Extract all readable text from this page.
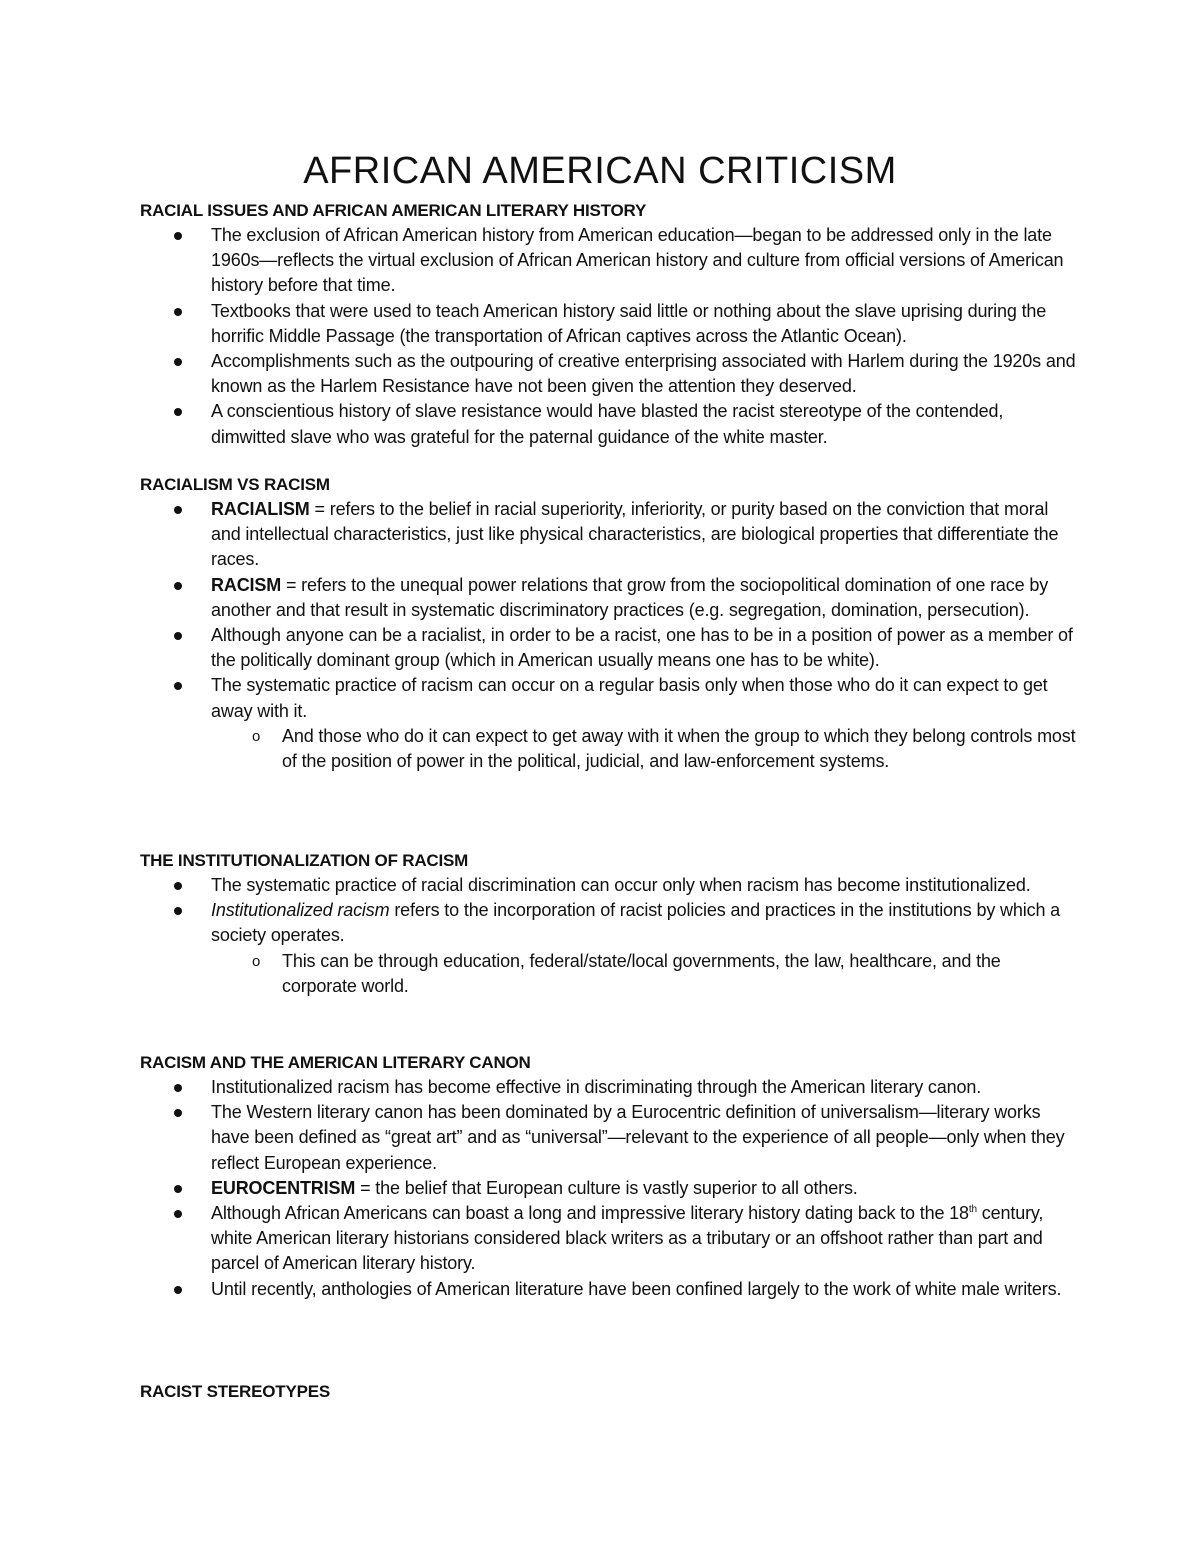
AFRICAN AMERICAN CRITICISM
RACIAL ISSUES AND AFRICAN AMERICAN LITERARY HISTORY
The exclusion of African American history from American education—began to be addressed only in the late 1960s—reflects the virtual exclusion of African American history and culture from official versions of American history before that time.
Textbooks that were used to teach American history said little or nothing about the slave uprising during the horrific Middle Passage (the transportation of African captives across the Atlantic Ocean).
Accomplishments such as the outpouring of creative enterprising associated with Harlem during the 1920s and known as the Harlem Resistance have not been given the attention they deserved.
A conscientious history of slave resistance would have blasted the racist stereotype of the contended, dimwitted slave who was grateful for the paternal guidance of the white master.
RACIALISM VS RACISM
RACIALISM = refers to the belief in racial superiority, inferiority, or purity based on the conviction that moral and intellectual characteristics, just like physical characteristics, are biological properties that differentiate the races.
RACISM = refers to the unequal power relations that grow from the sociopolitical domination of one race by another and that result in systematic discriminatory practices (e.g. segregation, domination, persecution).
Although anyone can be a racialist, in order to be a racist, one has to be in a position of power as a member of the politically dominant group (which in American usually means one has to be white).
The systematic practice of racism can occur on a regular basis only when those who do it can expect to get away with it.
o And those who do it can expect to get away with it when the group to which they belong controls most of the position of power in the political, judicial, and law-enforcement systems.
THE INSTITUTIONALIZATION OF RACISM
The systematic practice of racial discrimination can occur only when racism has become institutionalized.
Institutionalized racism refers to the incorporation of racist policies and practices in the institutions by which a society operates.
o This can be through education, federal/state/local governments, the law, healthcare, and the corporate world.
RACISM AND THE AMERICAN LITERARY CANON
Institutionalized racism has become effective in discriminating through the American literary canon.
The Western literary canon has been dominated by a Eurocentric definition of universalism—literary works have been defined as “great art” and as “universal”—relevant to the experience of all people—only when they reflect European experience.
EUROCENTRISM = the belief that European culture is vastly superior to all others.
Although African Americans can boast a long and impressive literary history dating back to the 18th century, white American literary historians considered black writers as a tributary or an offshoot rather than part and parcel of American literary history.
Until recently, anthologies of American literature have been confined largely to the work of white male writers.
RACIST STEREOTYPES
